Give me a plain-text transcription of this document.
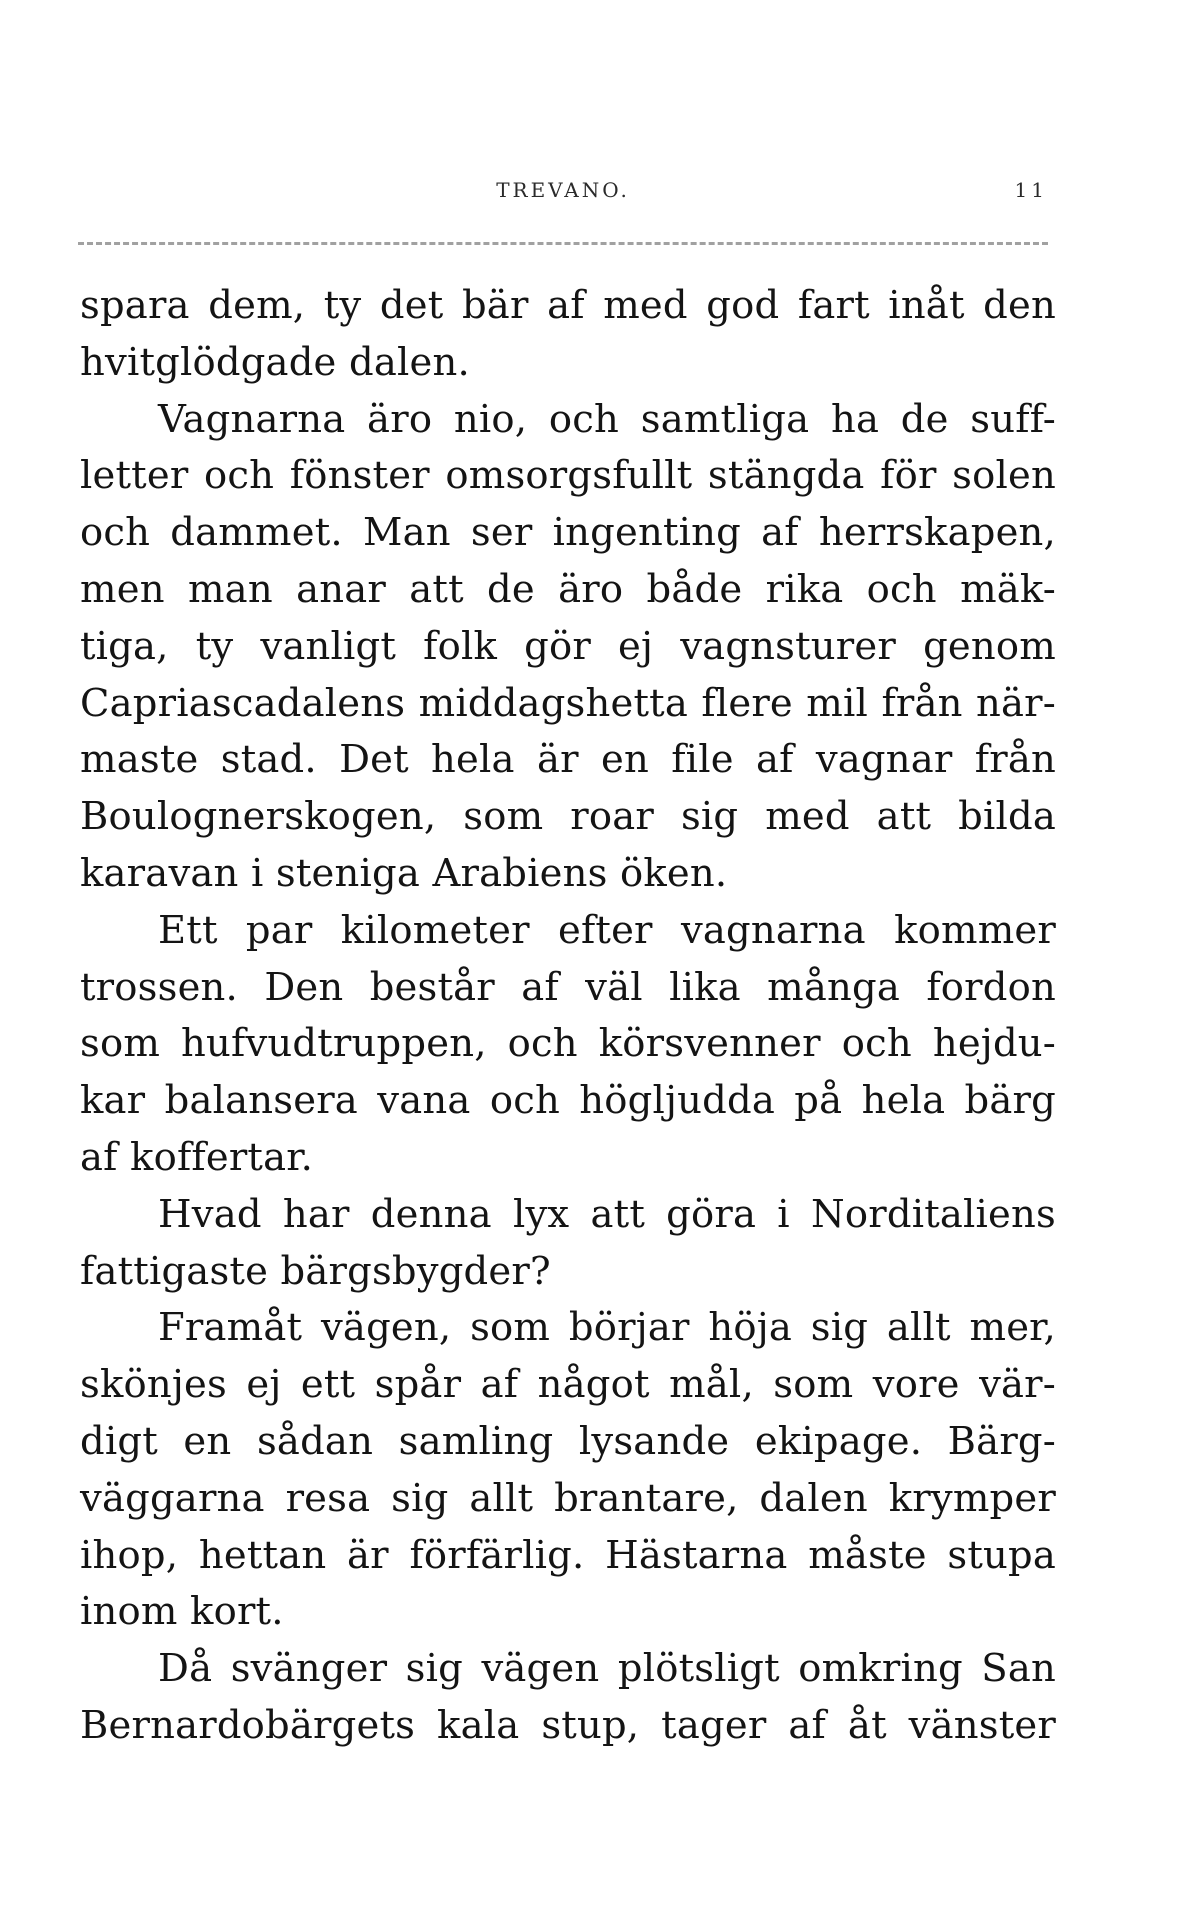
TREVANO.	11
spara dem, ty det bär af med god fart inåt den
hvitglödgade dalen.
Vagnarna äro nio, och samtliga ha de suff-
letter och fönster omsorgsfullt stängda för solen
och dammet. Man ser ingenting af herrskapen,
men man anar att de äro både rika och mäk-
tiga, ty vanligt folk gör ej vagnsturer genom
Capriascadalens middagshetta flere mil från när-
maste stad. Det hela är en file af vagnar från
Boulognerskogen, som roar sig med att bilda
karavan i steniga Arabiens öken.
Ett par kilometer efter vagnarna kommer
trossen. Den består af väl lika många fordon
som hufvudtruppen, och körsvenner och hejdu-
kar balansera vana och högljudda på hela bärg
af koffertar.
Hvad har denna lyx att göra i Norditaliens
fattigaste bärgsbygder?
Framåt vägen, som börjar höja sig allt mer,
skönjes ej ett spår af något mål, som vore vär-
digt en sådan samling lysande ekipage. Bärg-
väggarna resa sig allt brantare, dalen krymper
ihop, hettan är förfärlig. Hästarna måste stupa
inom kort.
Då svänger sig vägen plötsligt omkring San
Bernardobärgets kala stup, tager af åt vänster
